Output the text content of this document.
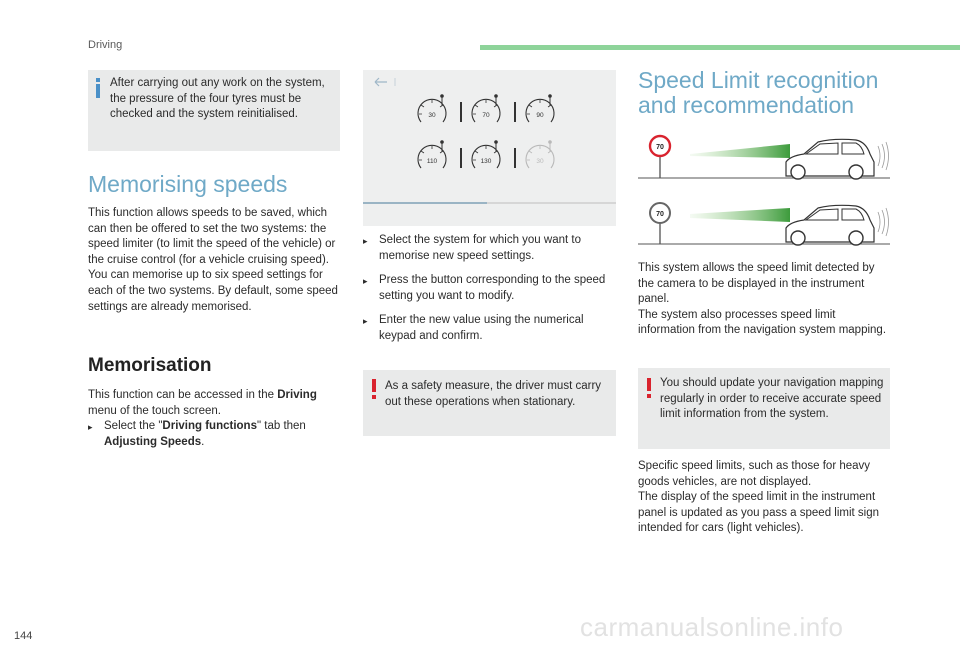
Driving

After carrying out any work on the system, the pressure of the four tyres must be checked and the system reinitialised.

Memorising speeds

This function allows speeds to be saved, which can then be offered to set the two systems: the speed limiter (to limit the speed of the vehicle) or the cruise control (for a vehicle cruising speed).

You can memorise up to six speed settings for each of the two systems. By default, some speed settings are already memorised.

Memorisation

This function can be accessed in the Driving menu of the touch screen.

▸ Select the "Driving functions" tab then
Adjusting Speeds.
30	70	90
110	130	30
▸ Select the system for which you want to memorise new speed settings.
▸ Press the button corresponding to the speed setting you want to modify.
▸ Enter the new value using the numerical keypad and confirm.

As a safety measure, the driver must carry out these operations when stationary.

Speed Limit recognition
and recommendation
70
70

This system allows the speed limit detected by the camera to be displayed in the instrument panel.

The system also processes speed limit information from the navigation system mapping.

You should update your navigation mapping regularly in order to receive accurate speed limit information from the system.

Specific speed limits, such as those for heavy goods vehicles, are not displayed.

The display of the speed limit in the instrument panel is updated as you pass a speed limit sign intended for cars (light vehicles).

144	carmanualsonline.info
